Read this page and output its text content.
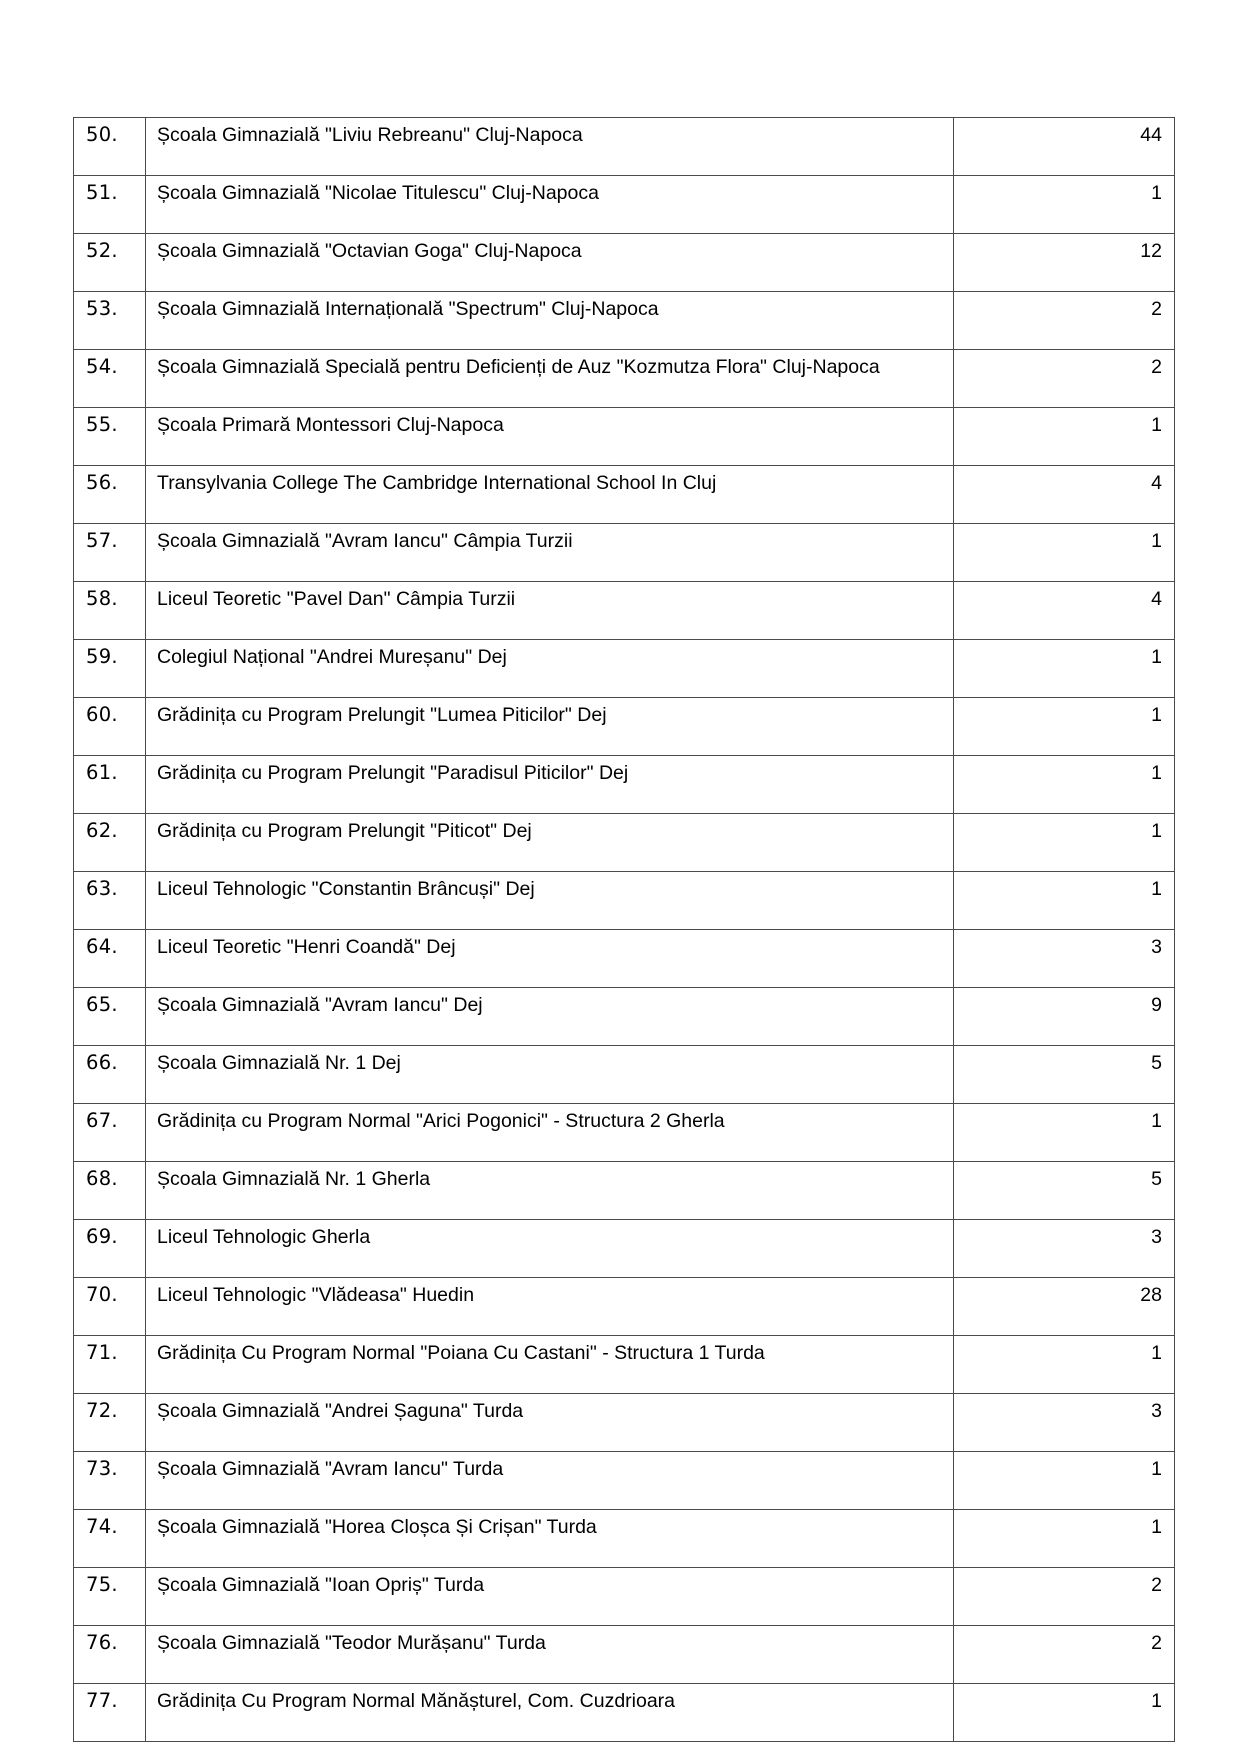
50.	Școala Gimnazială "Liviu Rebreanu" Cluj-Napoca	44
51.	Școala Gimnazială "Nicolae Titulescu" Cluj-Napoca	1
52.	Școala Gimnazială "Octavian Goga" Cluj-Napoca	12
53.	Școala Gimnazială Internațională "Spectrum" Cluj-Napoca	2
54.	Școala Gimnazială Specială pentru Deficienți de Auz "Kozmutza Flora" Cluj-Napoca	2
55.	Școala Primară Montessori Cluj-Napoca	1
56.	Transylvania College The Cambridge International School In Cluj	4
57.	Școala Gimnazială "Avram Iancu" Câmpia Turzii	1
58.	Liceul Teoretic "Pavel Dan" Câmpia Turzii	4
59.	Colegiul Național "Andrei Mureșanu" Dej	1
60.	Grădinița cu Program Prelungit "Lumea Piticilor" Dej	1
61.	Grădinița cu Program Prelungit "Paradisul Piticilor" Dej	1
62.	Grădinița cu Program Prelungit "Piticot" Dej	1
63.	Liceul Tehnologic "Constantin Brâncuși" Dej	1
64.	Liceul Teoretic "Henri Coandă" Dej	3
65.	Școala Gimnazială "Avram Iancu" Dej	9
66.	Școala Gimnazială Nr. 1 Dej	5
67.	Grădinița cu Program Normal "Arici Pogonici" - Structura 2 Gherla	1
68.	Școala Gimnazială Nr. 1 Gherla	5
69.	Liceul Tehnologic Gherla	3
70.	Liceul Tehnologic "Vlădeasa" Huedin	28
71.	Grădinița Cu Program Normal "Poiana Cu Castani" - Structura 1 Turda	1
72.	Școala Gimnazială "Andrei Șaguna" Turda	3
73.	Școala Gimnazială "Avram Iancu" Turda	1
74.	Școala Gimnazială "Horea Cloșca Și Crișan" Turda	1
75.	Școala Gimnazială "Ioan Opriș" Turda	2
76.	Școala Gimnazială "Teodor Murășanu" Turda	2
77.	Grădinița Cu Program Normal Mănășturel, Com. Cuzdrioara	1
